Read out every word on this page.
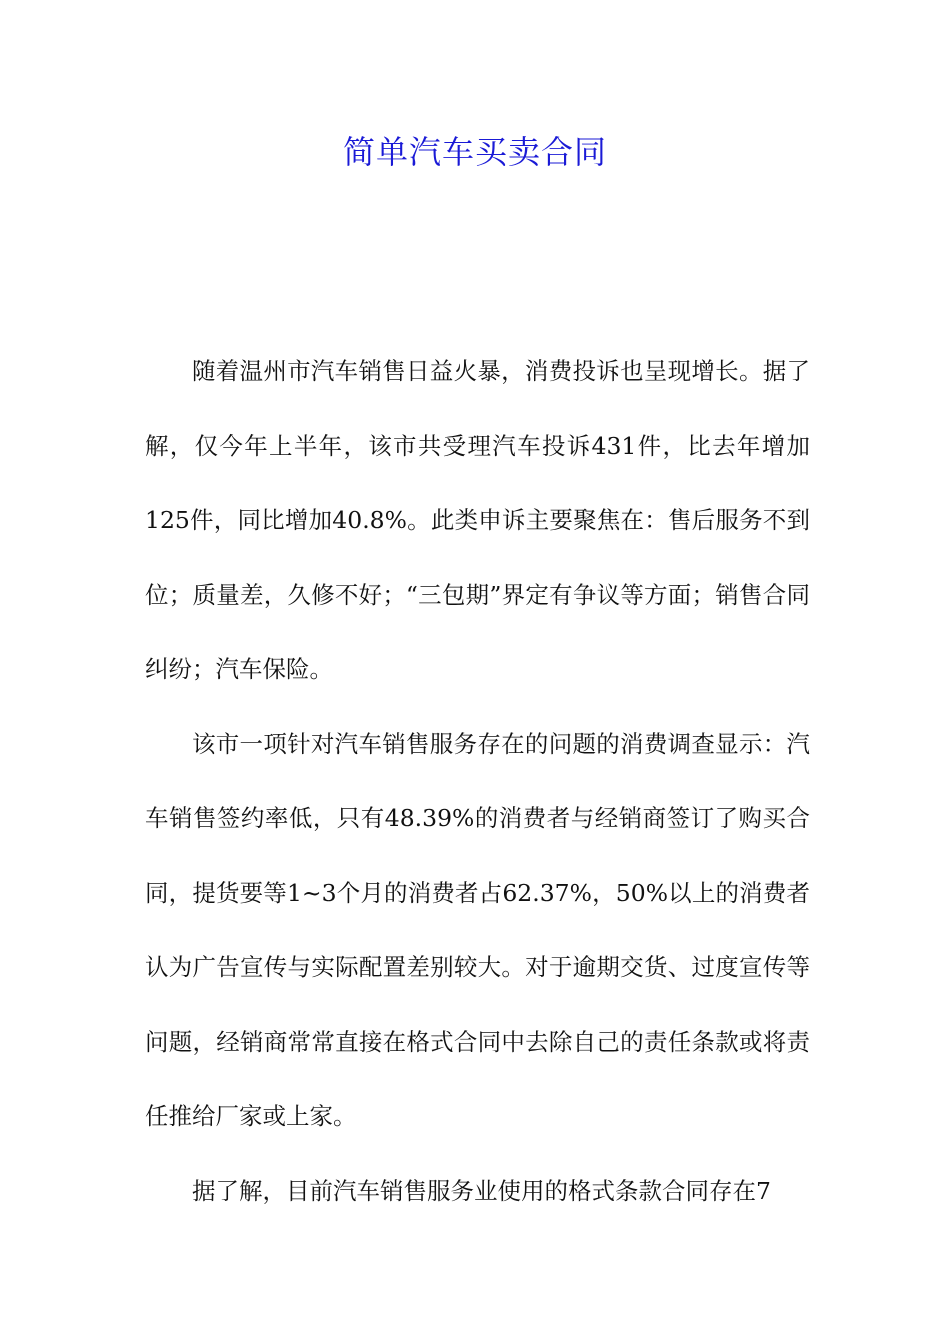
简单汽车买卖合同

随着温州市汽车销售日益火暴，消费投诉也呈现增长。据了解，仅今年上半年，该市共受理汽车投诉431件，比去年增加125件，同比增加40.8%。此类申诉主要聚焦在：售后服务不到位；质量差，久修不好；“三包期”界定有争议等方面；销售合同纠纷；汽车保险。

该市一项针对汽车销售服务存在的问题的消费调查显示：汽车销售签约率低，只有48.39%的消费者与经销商签订了购买合同，提货要等1~3个月的消费者占62.37%，50%以上的消费者认为广告宣传与实际配置差别较大。对于逾期交货、过度宣传等问题，经销商常常直接在格式合同中去除自己的责任条款或将责任推给厂家或上家。

据了解，目前汽车销售服务业使用的格式条款合同存在7
